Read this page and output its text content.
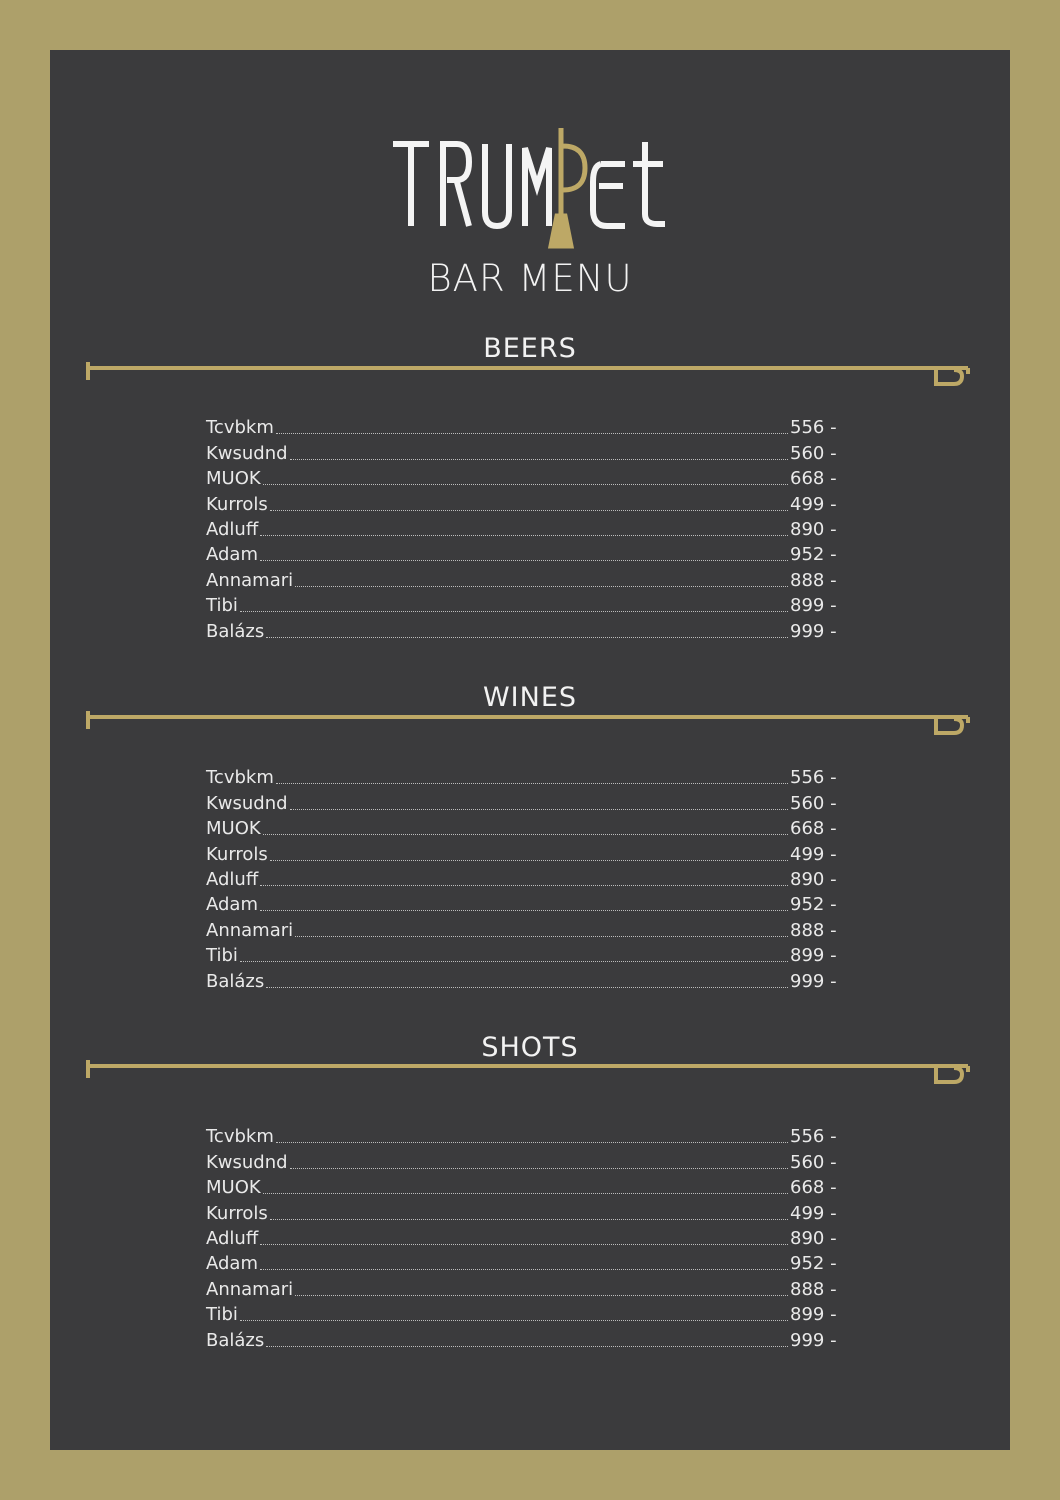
BAR MENU
BEERS
Tcvbkm	556 -
Kwsudnd	560 -
MUOK	668 -
Kurrols	499 -
Adluff	890 -
Adam	952 -
Annamari	888 -
Tibi	899 -
Balázs	999 -
WINES
Tcvbkm	556 -
Kwsudnd	560 -
MUOK	668 -
Kurrols	499 -
Adluff	890 -
Adam	952 -
Annamari	888 -
Tibi	899 -
Balázs	999 -
SHOTS
Tcvbkm	556 -
Kwsudnd	560 -
MUOK	668 -
Kurrols	499 -
Adluff	890 -
Adam	952 -
Annamari	888 -
Tibi	899 -
Balázs	999 -
